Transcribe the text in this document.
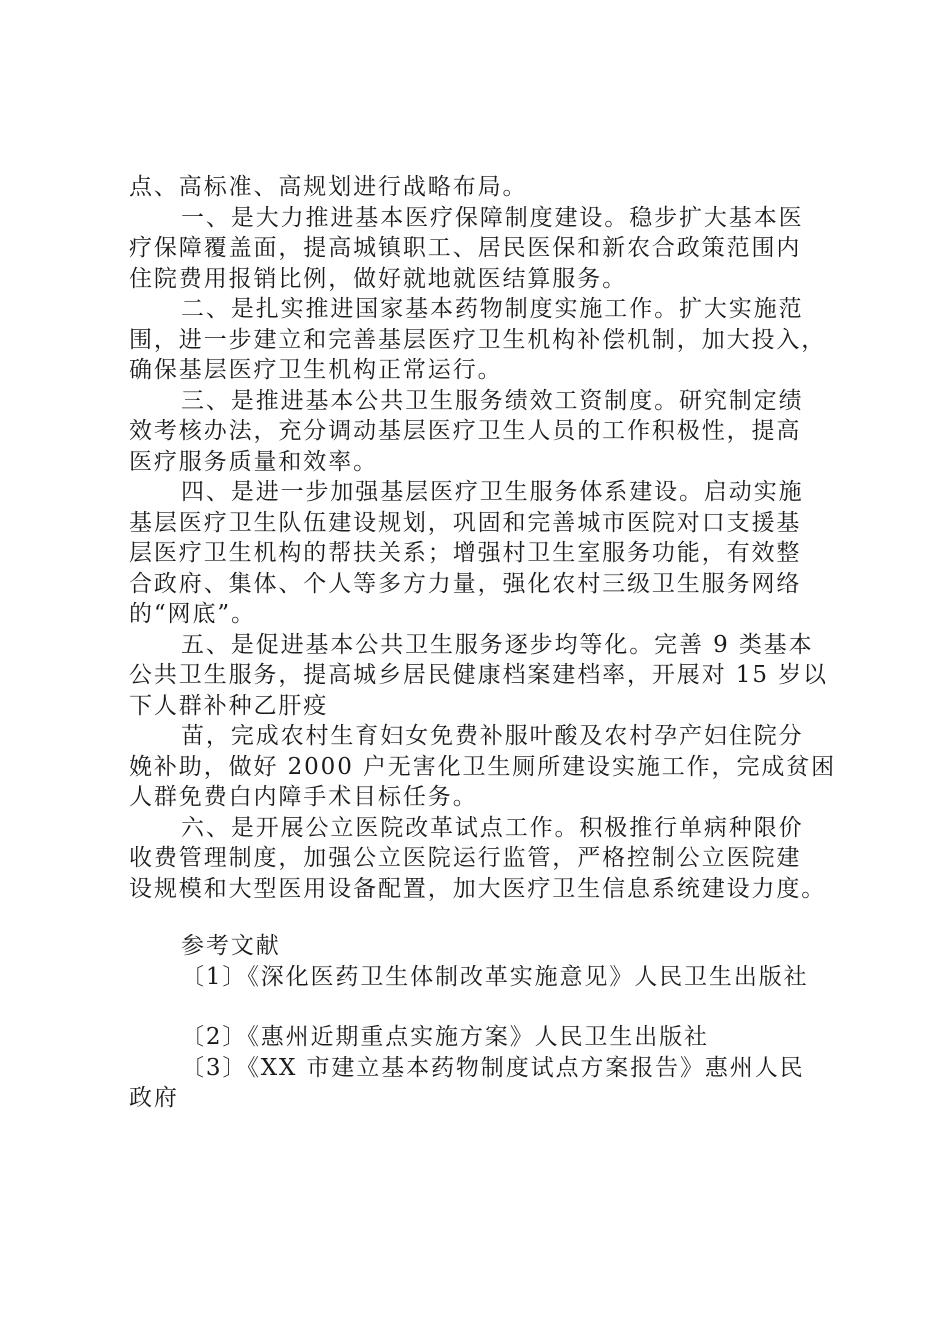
点、高标准、高规划进行战略布局。
一、是大力推进基本医疗保障制度建设。稳步扩大基本医
疗保障覆盖面，提高城镇职工、居民医保和新农合政策范围内
住院费用报销比例，做好就地就医结算服务。
二、是扎实推进国家基本药物制度实施工作。扩大实施范
围，进一步建立和完善基层医疗卫生机构补偿机制，加大投入，
确保基层医疗卫生机构正常运行。
三、是推进基本公共卫生服务绩效工资制度。研究制定绩
效考核办法，充分调动基层医疗卫生人员的工作积极性，提高
医疗服务质量和效率。
四、是进一步加强基层医疗卫生服务体系建设。启动实施
基层医疗卫生队伍建设规划，巩固和完善城市医院对口支援基
层医疗卫生机构的帮扶关系；增强村卫生室服务功能，有效整
合政府、集体、个人等多方力量，强化农村三级卫生服务网络
的“网底”。
五、是促进基本公共卫生服务逐步均等化。完善 9 类基本
公共卫生服务，提高城乡居民健康档案建档率，开展对 15 岁以
下人群补种乙肝疫
苗，完成农村生育妇女免费补服叶酸及农村孕产妇住院分
娩补助，做好 2000 户无害化卫生厕所建设实施工作，完成贫困
人群免费白内障手术目标任务。
六、是开展公立医院改革试点工作。积极推行单病种限价
收费管理制度，加强公立医院运行监管，严格控制公立医院建
设规模和大型医用设备配置，加大医疗卫生信息系统建设力度。
参考文献
〔1〕《深化医药卫生体制改革实施意见》人民卫生出版社
〔2〕《惠州近期重点实施方案》人民卫生出版社
〔3〕《XX 市建立基本药物制度试点方案报告》惠州人民
政府
